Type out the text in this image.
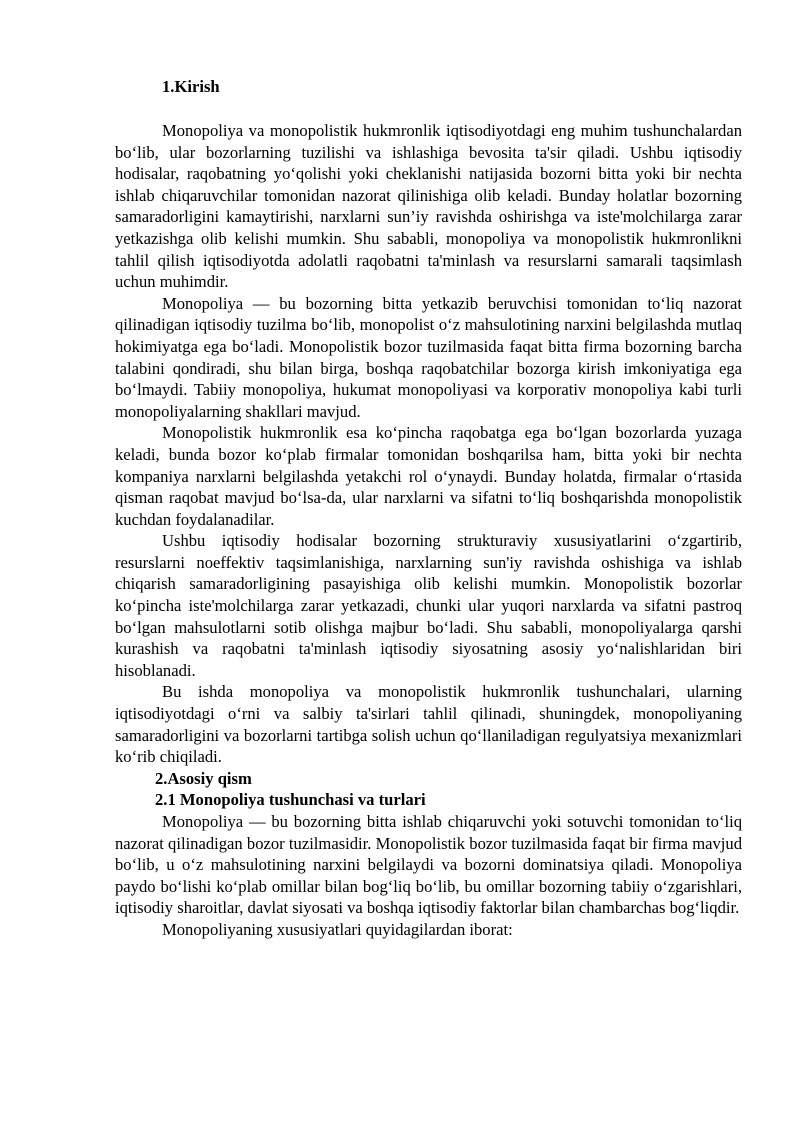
1.Kirish

Monopoliya va monopolistik hukmronlik iqtisodiyotdagi eng muhim tushunchalardan bo‘lib, ular bozorlarning tuzilishi va ishlashiga bevosita ta'sir qiladi. Ushbu iqtisodiy hodisalar, raqobatning yo‘qolishi yoki cheklanishi natijasida bozorni bitta yoki bir nechta ishlab chiqaruvchilar tomonidan nazorat qilinishiga olib keladi. Bunday holatlar bozorning samaradorligini kamaytirishi, narxlarni sun’iy ravishda oshirishga va iste'molchilarga zarar yetkazishga olib kelishi mumkin. Shu sababli, monopoliya va monopolistik hukmronlikni tahlil qilish iqtisodiyotda adolatli raqobatni ta'minlash va resurslarni samarali taqsimlash uchun muhimdir.

Monopoliya — bu bozorning bitta yetkazib beruvchisi tomonidan to‘liq nazorat qilinadigan iqtisodiy tuzilma bo‘lib, monopolist o‘z mahsulotining narxini belgilashda mutlaq hokimiyatga ega bo‘ladi. Monopolistik bozor tuzilmasida faqat bitta firma bozorning barcha talabini qondiradi, shu bilan birga, boshqa raqobatchilar bozorga kirish imkoniyatiga ega bo‘lmaydi. Tabiiy monopoliya, hukumat monopoliyasi va korporativ monopoliya kabi turli monopoliyalarning shakllari mavjud.

Monopolistik hukmronlik esa ko‘pincha raqobatga ega bo‘lgan bozorlarda yuzaga keladi, bunda bozor ko‘plab firmalar tomonidan boshqarilsa ham, bitta yoki bir nechta kompaniya narxlarni belgilashda yetakchi rol o‘ynaydi. Bunday holatda, firmalar o‘rtasida qisman raqobat mavjud bo‘lsa-da, ular narxlarni va sifatni to‘liq boshqarishda monopolistik kuchdan foydalanadilar.

Ushbu iqtisodiy hodisalar bozorning strukturaviy xususiyatlarini o‘zgartirib, resurslarni noeffektiv taqsimlanishiga, narxlarning sun'iy ravishda oshishiga va ishlab chiqarish samaradorligining pasayishiga olib kelishi mumkin. Monopolistik bozorlar ko‘pincha iste'molchilarga zarar yetkazadi, chunki ular yuqori narxlarda va sifatni pastroq bo‘lgan mahsulotlarni sotib olishga majbur bo‘ladi. Shu sababli, monopoliyalarga qarshi kurashish va raqobatni ta'minlash iqtisodiy siyosatning asosiy yo‘nalishlaridan biri hisoblanadi.

Bu ishda monopoliya va monopolistik hukmronlik tushunchalari, ularning iqtisodiyotdagi o‘rni va salbiy ta'sirlari tahlil qilinadi, shuningdek, monopoliyaning samaradorligini va bozorlarni tartibga solish uchun qo‘llaniladigan regulyatsiya mexanizmlari ko‘rib chiqiladi.

2.Asosiy qism

2.1 Monopoliya tushunchasi va turlari

Monopoliya — bu bozorning bitta ishlab chiqaruvchi yoki sotuvchi tomonidan to‘liq nazorat qilinadigan bozor tuzilmasidir. Monopolistik bozor tuzilmasida faqat bir firma mavjud bo‘lib, u o‘z mahsulotining narxini belgilaydi va bozorni dominatsiya qiladi. Monopoliya paydo bo‘lishi ko‘plab omillar bilan bog‘liq bo‘lib, bu omillar bozorning tabiiy o‘zgarishlari, iqtisodiy sharoitlar, davlat siyosati va boshqa iqtisodiy faktorlar bilan chambarchas bog‘liqdir.

Monopoliyaning xususiyatlari quyidagilardan iborat:
